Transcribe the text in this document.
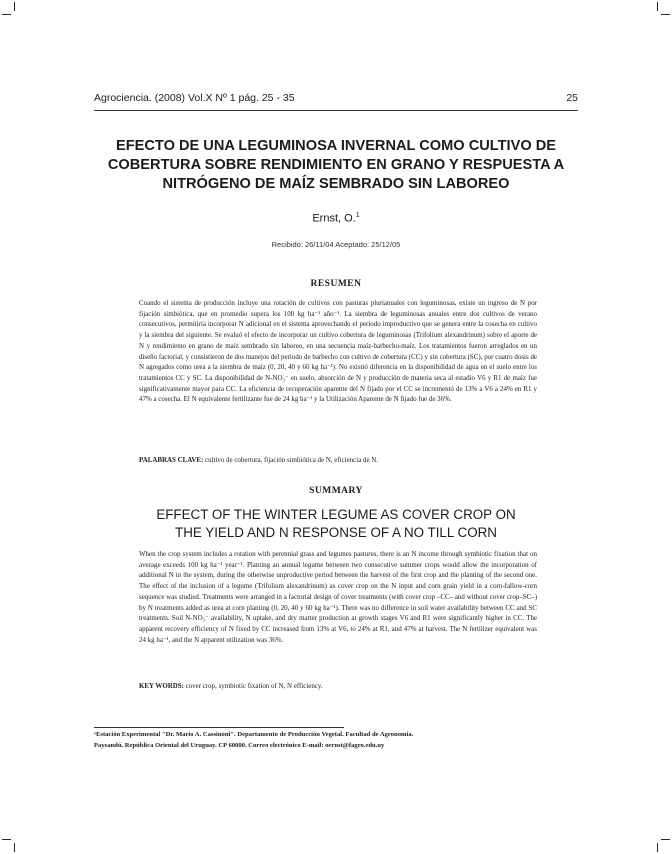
Agrociencia. (2008) Vol.X Nº 1 pág. 25 - 35	25
EFECTO DE UNA LEGUMINOSA INVERNAL COMO CULTIVO DE
COBERTURA SOBRE RENDIMIENTO EN GRANO Y RESPUESTA A
NITRÓGENO DE MAÍZ SEMBRADO SIN LABOREO
Ernst, O.$^1$
Recibido: 26/11/04 Aceptado: 25/12/05
RESUMEN
Cuando el sistema de producción incluye una rotación de cultivos con pasturas plurianuales con leguminosas, existe un ingreso de N por fijación simbiótica, que en promedio supera los 100 kg ha⁻¹ año⁻¹. La siembra de leguminosas anuales entre dos cultivos de verano consecutivos, permitiría incorporar N adicional en el sistema aprovechando el período improductivo que se genera entre la cosecha en cultivo y la siembra del siguiente. Se evaluó el efecto de incorporar un cultivo cobertura de leguminosas (Trifolium alexandrinum) sobre el aporte de N y rendimiento en grano de maíz sembrado sin laboreo, en una secuencia maíz-barbecho-maíz. Los tratamientos fueron arreglados en un diseño factorial, y consistieron de dos manejos del período de barbecho con cultivo de cobertura (CC) y sin cobertura (SC), por cuatro dosis de N agregados como urea a la siembra de maíz (0, 20, 40 y 60 kg ha⁻¹). No existió diferencia en la disponibilidad de agua en el suelo entre los tratamientos CC y SC. La disponibilidad de N-NO₃⁻ en suelo, absorción de N y producción de materia seca al estadio V6 y R1 de maíz fue significativamente mayor para CC. La eficiencia de recuperación aparente del N fijado por el CC se incrementó de 13% a V6 a 24% en R1 y 47% a cosecha. El N equivalente fertilizante fue de 24 kg ha⁻¹ y la Utilización Aparente de N fijado fue de 36%.
PALABRAS CLAVE: cultivo de cobertura, fijación simbiótica de N, eficiencia de N.
SUMMARY
EFFECT OF THE WINTER LEGUME AS COVER CROP ON
THE YIELD AND N RESPONSE OF A NO TILL CORN
When the crop system includes a rotation with perennial grass and legumes pastures, there is an N income through symbiotic fixation that on average exceeds 100 kg ha⁻¹ year⁻¹. Planting an annual legume between two consecutive summer crops would allow the incorporation of additional N in the system, during the otherwise unproductive period between the harvest of the first crop and the planting of the second one. The effect of the inclusion of a legume (Trifolium alexandrinum) as cover crop on the N input and corn grain yield in a corn-fallow-corn sequence was studied. Treatments were arranged in a factorial design of cover treatments (with cover crop –CC– and without cover crop–SC–) by N treatments added as urea at corn planting (0, 20, 40 y 60 kg ha⁻¹). There was no difference in soil water availability between CC and SC treatments. Soil N-NO₃⁻ availability, N uptake, and dry matter production at growth stages V6 and R1 were significantly higher in CC. The apparent recovery efficiency of N fixed by CC increased from 13% at V6, to 24% at R1, and 47% at harvest. The N fertilizer equivalent was 24 kg ha⁻¹, and the N apparent utilization was 36%.
KEY WORDS: cover crop, symbiotic fixation of N, N efficiency.
¹Estación Experimental "Dr. Mario A. Cassinoni". Departamento de Producción Vegetal. Facultad de Agronomía.
Paysandú. República Oriental del Uruguay. CP 60000. Correo electrónico E-mail: oernst@fagro.edu.uy
